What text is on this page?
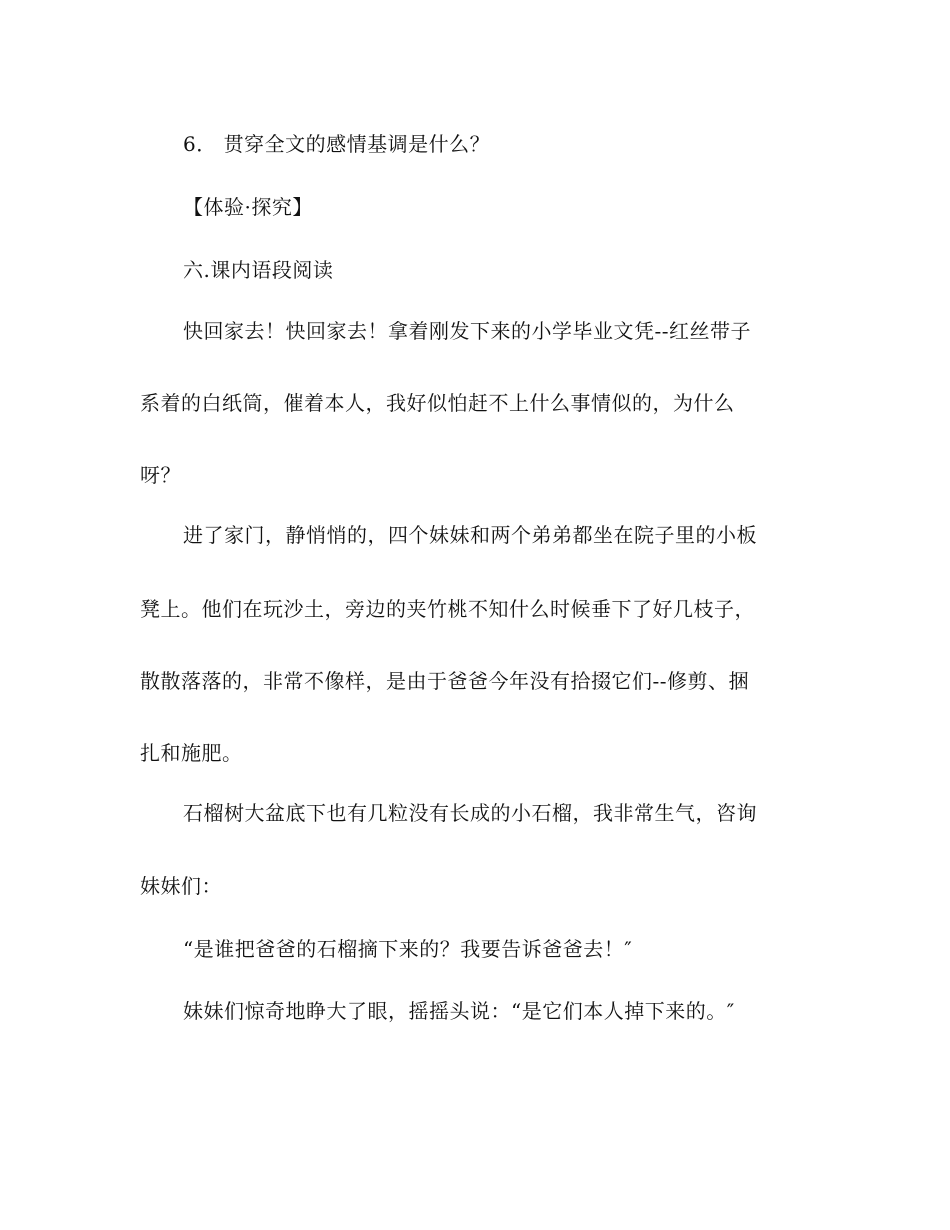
6． 贯穿全文的感情基调是什么？
【体验·探究】
六.课内语段阅读
快回家去！快回家去！拿着刚发下来的小学毕业文凭--红丝带子
系着的白纸筒，催着本人，我好似怕赶不上什么事情似的，为什么
呀？
进了家门，静悄悄的，四个妹妹和两个弟弟都坐在院子里的小板
凳上。他们在玩沙土，旁边的夹竹桃不知什么时候垂下了好几枝子，
散散落落的，非常不像样，是由于爸爸今年没有拾掇它们--修剪、捆
扎和施肥。
石榴树大盆底下也有几粒没有长成的小石榴，我非常生气，咨询
妹妹们：
“是谁把爸爸的石榴摘下来的？我要告诉爸爸去！″
妹妹们惊奇地睁大了眼，摇摇头说：“是它们本人掉下来的。″
